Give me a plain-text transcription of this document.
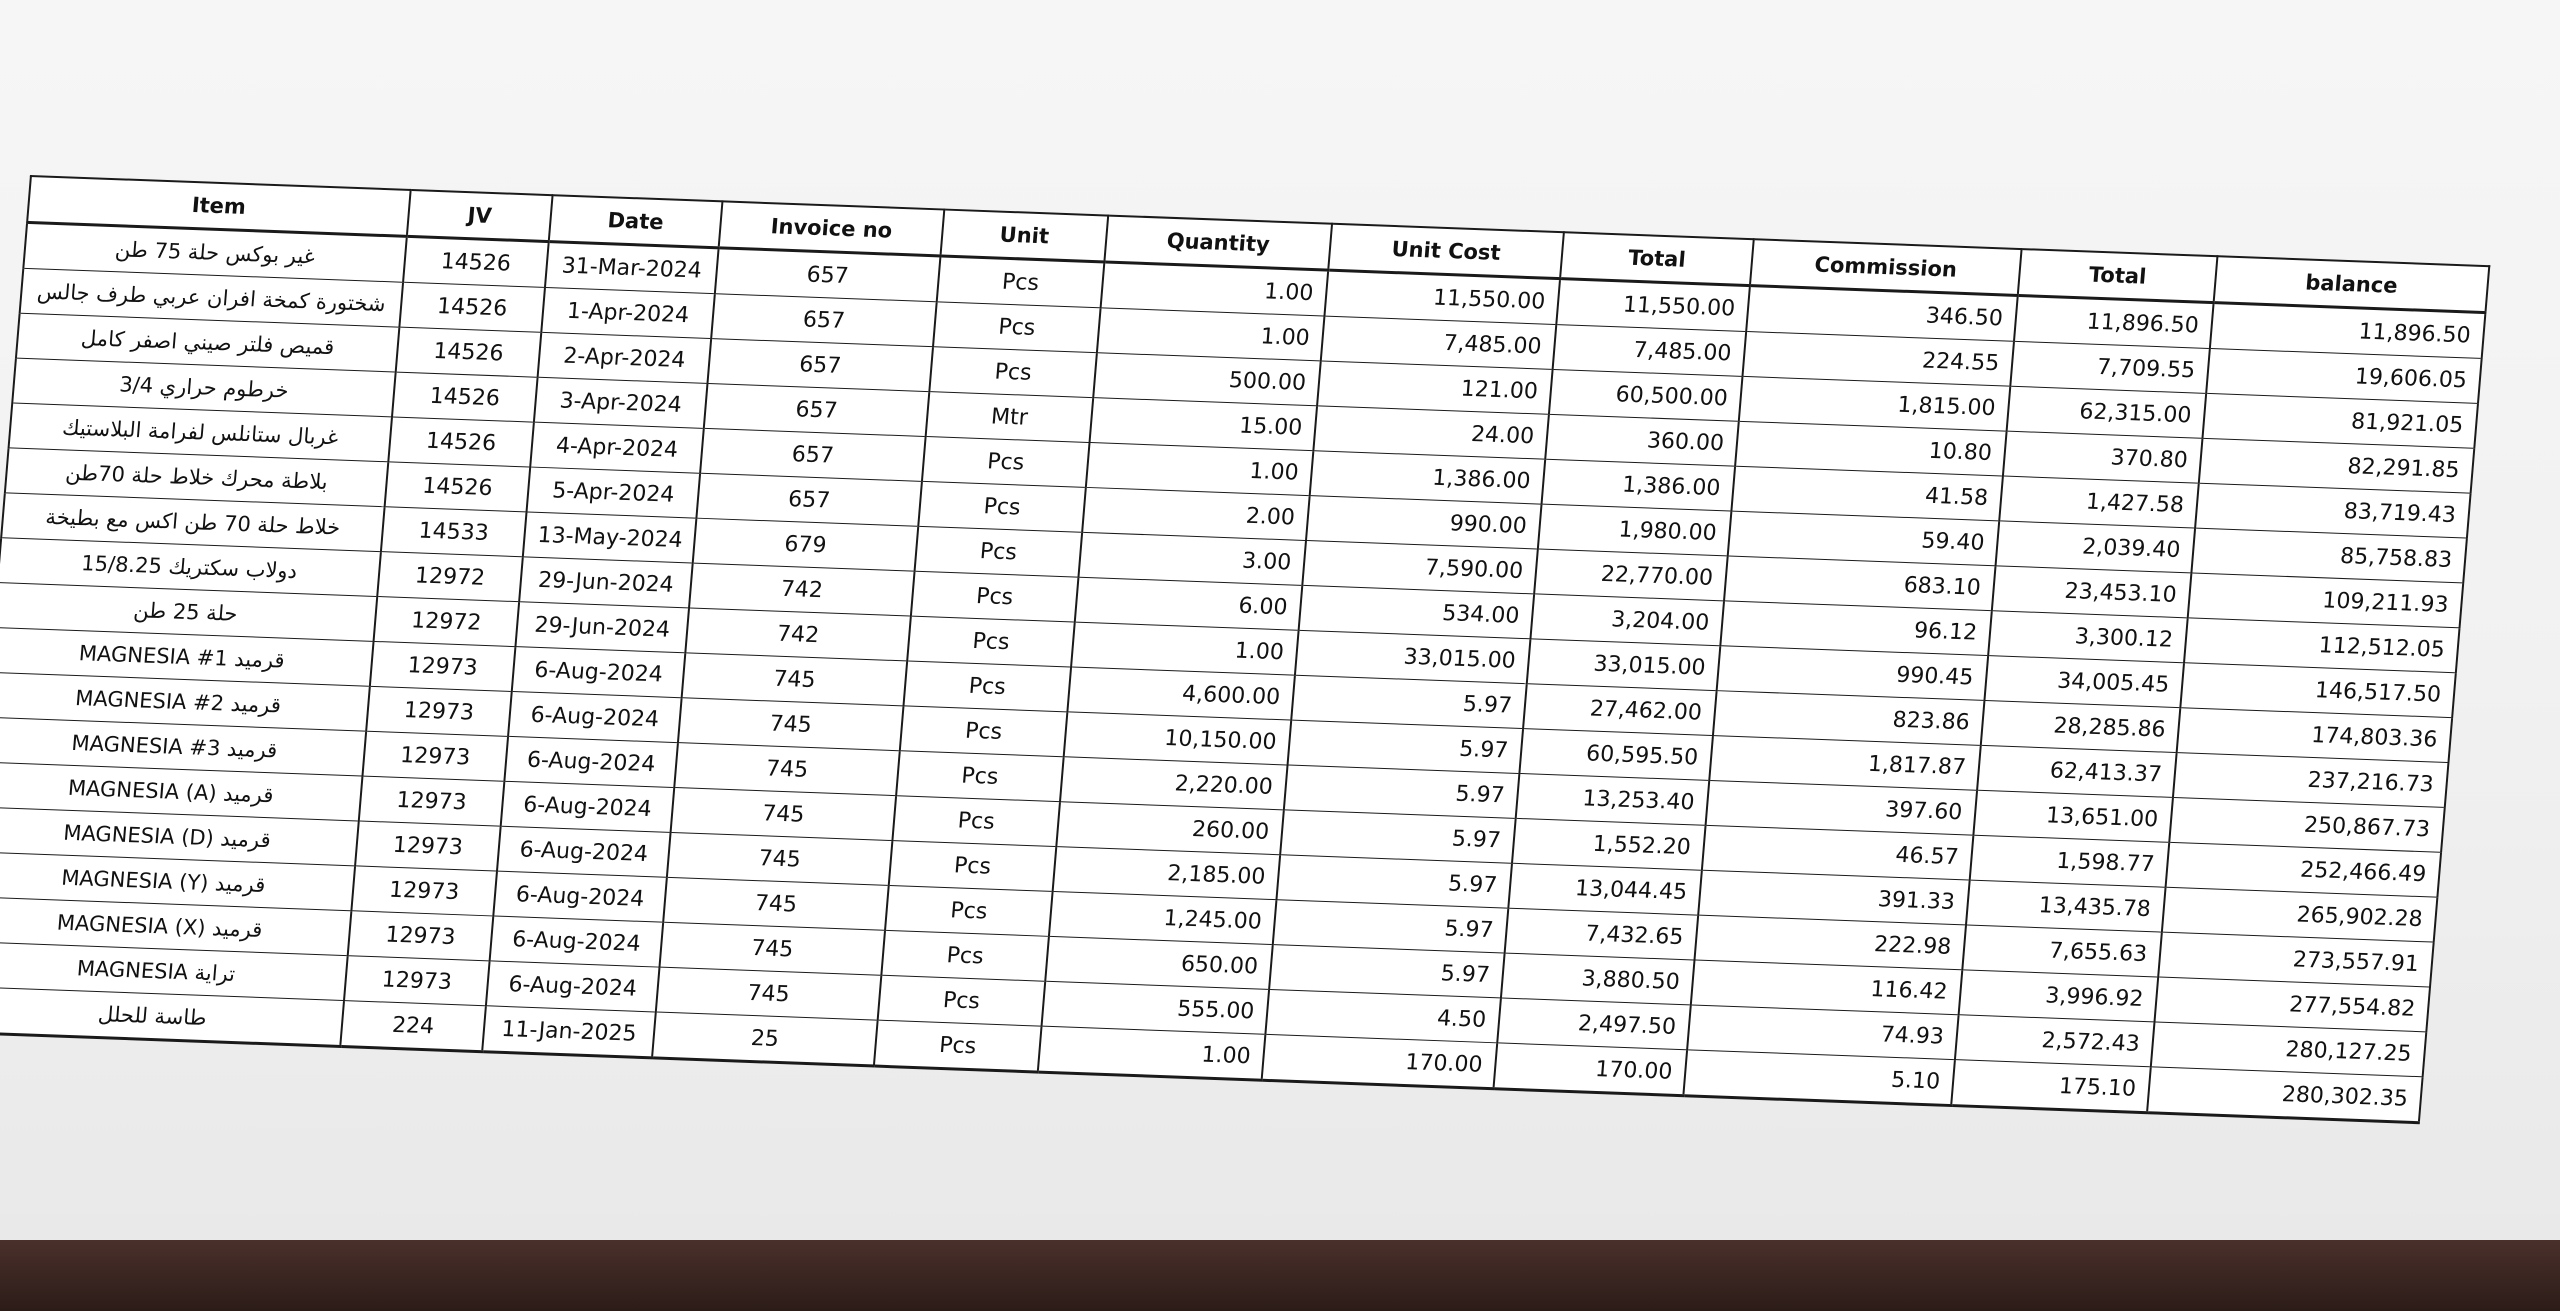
Item	JV	Date	Invoice no	Unit	Quantity	Unit Cost	Total	Commission	Total	balance
غير بوكس حلة 75 طن	14526	31-Mar-2024	657	Pcs	1.00	11,550.00	11,550.00	346.50	11,896.50	11,896.50
شختورة كمخة افران عربي طرف جالس	14526	1-Apr-2024	657	Pcs	1.00	7,485.00	7,485.00	224.55	7,709.55	19,606.05
قميص فلتر صيني اصفر كامل	14526	2-Apr-2024	657	Pcs	500.00	121.00	60,500.00	1,815.00	62,315.00	81,921.05
خرطوم حراري 3/4	14526	3-Apr-2024	657	Mtr	15.00	24.00	360.00	10.80	370.80	82,291.85
غربال ستانلس لفرامة البلاستيك	14526	4-Apr-2024	657	Pcs	1.00	1,386.00	1,386.00	41.58	1,427.58	83,719.43
بلاطة محرك خلاط حلة 70طن	14526	5-Apr-2024	657	Pcs	2.00	990.00	1,980.00	59.40	2,039.40	85,758.83
خلاط حلة 70 طن اكس مع بطيخة	14533	13-May-2024	679	Pcs	3.00	7,590.00	22,770.00	683.10	23,453.10	109,211.93
دولاب سكتريك 15/8.25	12972	29-Jun-2024	742	Pcs	6.00	534.00	3,204.00	96.12	3,300.12	112,512.05
حلة 25 طن	12972	29-Jun-2024	742	Pcs	1.00	33,015.00	33,015.00	990.45	34,005.45	146,517.50
قرميد MAGNESIA #1	12973	6-Aug-2024	745	Pcs	4,600.00	5.97	27,462.00	823.86	28,285.86	174,803.36
قرميد MAGNESIA #2	12973	6-Aug-2024	745	Pcs	10,150.00	5.97	60,595.50	1,817.87	62,413.37	237,216.73
قرميد MAGNESIA #3	12973	6-Aug-2024	745	Pcs	2,220.00	5.97	13,253.40	397.60	13,651.00	250,867.73
قرميد MAGNESIA (A)	12973	6-Aug-2024	745	Pcs	260.00	5.97	1,552.20	46.57	1,598.77	252,466.49
قرميد MAGNESIA (D)	12973	6-Aug-2024	745	Pcs	2,185.00	5.97	13,044.45	391.33	13,435.78	265,902.28
قرميد MAGNESIA (Y)	12973	6-Aug-2024	745	Pcs	1,245.00	5.97	7,432.65	222.98	7,655.63	273,557.91
قرميد MAGNESIA (X)	12973	6-Aug-2024	745	Pcs	650.00	5.97	3,880.50	116.42	3,996.92	277,554.82
تراية MAGNESIA	12973	6-Aug-2024	745	Pcs	555.00	4.50	2,497.50	74.93	2,572.43	280,127.25
طاسة للحلل	224	11-Jan-2025	25	Pcs	1.00	170.00	170.00	5.10	175.10	280,302.35
